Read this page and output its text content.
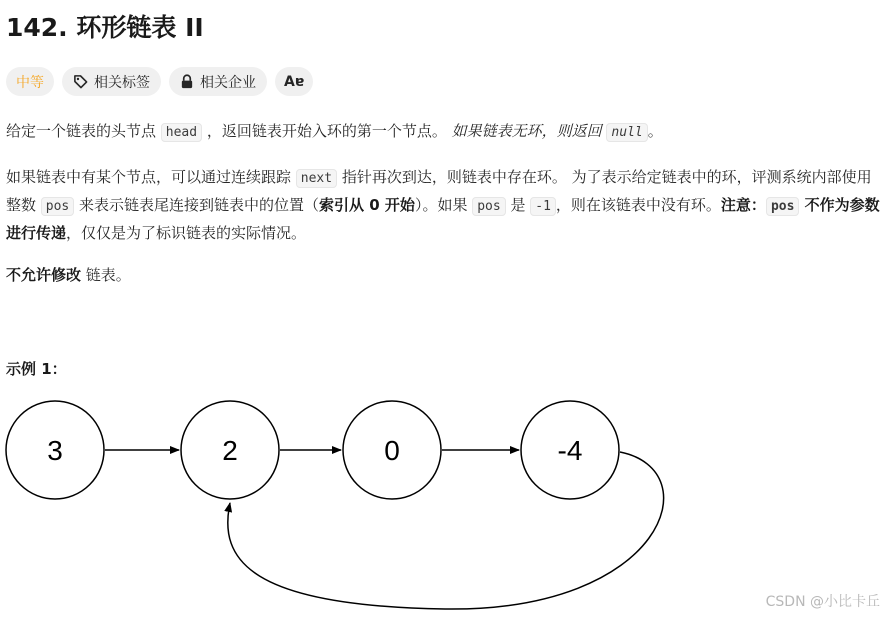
142. 环形链表 II
中等	相关标签	相关企业 Aɐ

给定一个链表的头节点 head ，返回链表开始入环的第一个节点。 如果链表无环，则返回 null 。

如果链表中有某个节点，可以通过连续跟踪 next 指针再次到达，则链表中存在环。 为了表示给定链表中的环，评测系统内部使用整数 pos 来表示链表尾连接到链表中的位置（索引从 0 开始）。如果 pos 是 -1 ，则在该链表中没有环。注意： pos 不作为参数进行传递，仅仅是为了标识链表的实际情况。

不允许修改 链表。

示例 1：
3	2	0	-4
CSDN @小比卡丘
